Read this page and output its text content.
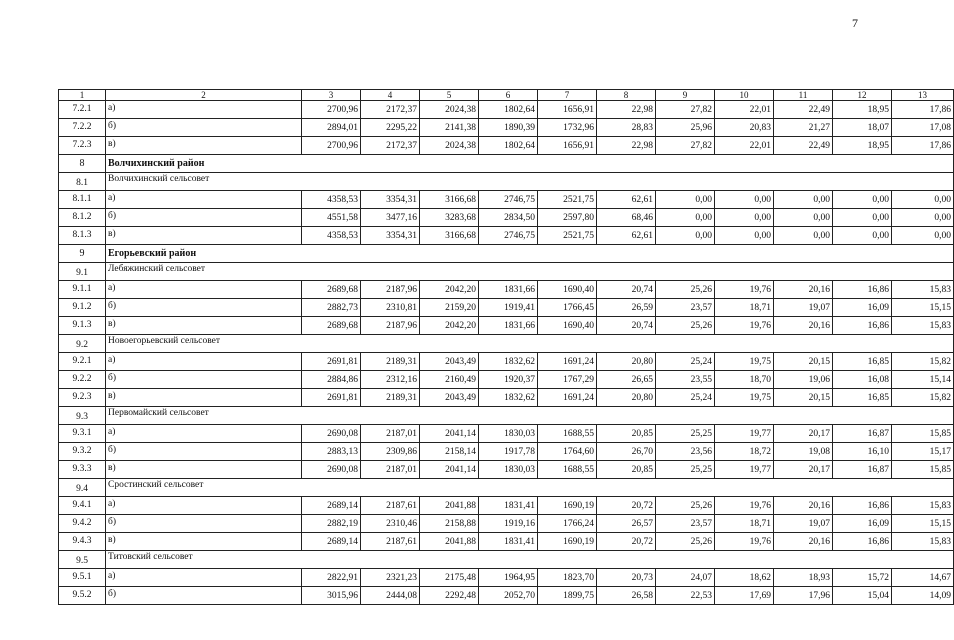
7
1	2	3	4	5	6	7	8	9	10	11	12	13
7.2.1	а)	2700,96	2172,37	2024,38	1802,64	1656,91	22,98	27,82	22,01	22,49	18,95	17,86
7.2.2	б)	2894,01	2295,22	2141,38	1890,39	1732,96	28,83	25,96	20,83	21,27	18,07	17,08
7.2.3	в)	2700,96	2172,37	2024,38	1802,64	1656,91	22,98	27,82	22,01	22,49	18,95	17,86
8	Волчихинский район											
8.1	Волчихинский сельсовет											
8.1.1	а)	4358,53	3354,31	3166,68	2746,75	2521,75	62,61	0,00	0,00	0,00	0,00	0,00
8.1.2	б)	4551,58	3477,16	3283,68	2834,50	2597,80	68,46	0,00	0,00	0,00	0,00	0,00
8.1.3	в)	4358,53	3354,31	3166,68	2746,75	2521,75	62,61	0,00	0,00	0,00	0,00	0,00
9	Егорьевский район											
9.1	Лебяжинский сельсовет											
9.1.1	а)	2689,68	2187,96	2042,20	1831,66	1690,40	20,74	25,26	19,76	20,16	16,86	15,83
9.1.2	б)	2882,73	2310,81	2159,20	1919,41	1766,45	26,59	23,57	18,71	19,07	16,09	15,15
9.1.3	в)	2689,68	2187,96	2042,20	1831,66	1690,40	20,74	25,26	19,76	20,16	16,86	15,83
9.2	Новоегорьевский сельсовет											
9.2.1	а)	2691,81	2189,31	2043,49	1832,62	1691,24	20,80	25,24	19,75	20,15	16,85	15,82
9.2.2	б)	2884,86	2312,16	2160,49	1920,37	1767,29	26,65	23,55	18,70	19,06	16,08	15,14
9.2.3	в)	2691,81	2189,31	2043,49	1832,62	1691,24	20,80	25,24	19,75	20,15	16,85	15,82
9.3	Первомайский сельсовет											
9.3.1	а)	2690,08	2187,01	2041,14	1830,03	1688,55	20,85	25,25	19,77	20,17	16,87	15,85
9.3.2	б)	2883,13	2309,86	2158,14	1917,78	1764,60	26,70	23,56	18,72	19,08	16,10	15,17
9.3.3	в)	2690,08	2187,01	2041,14	1830,03	1688,55	20,85	25,25	19,77	20,17	16,87	15,85
9.4	Сростинский сельсовет											
9.4.1	а)	2689,14	2187,61	2041,88	1831,41	1690,19	20,72	25,26	19,76	20,16	16,86	15,83
9.4.2	б)	2882,19	2310,46	2158,88	1919,16	1766,24	26,57	23,57	18,71	19,07	16,09	15,15
9.4.3	в)	2689,14	2187,61	2041,88	1831,41	1690,19	20,72	25,26	19,76	20,16	16,86	15,83
9.5	Титовский сельсовет											
9.5.1	а)	2822,91	2321,23	2175,48	1964,95	1823,70	20,73	24,07	18,62	18,93	15,72	14,67
9.5.2	б)	3015,96	2444,08	2292,48	2052,70	1899,75	26,58	22,53	17,69	17,96	15,04	14,09
